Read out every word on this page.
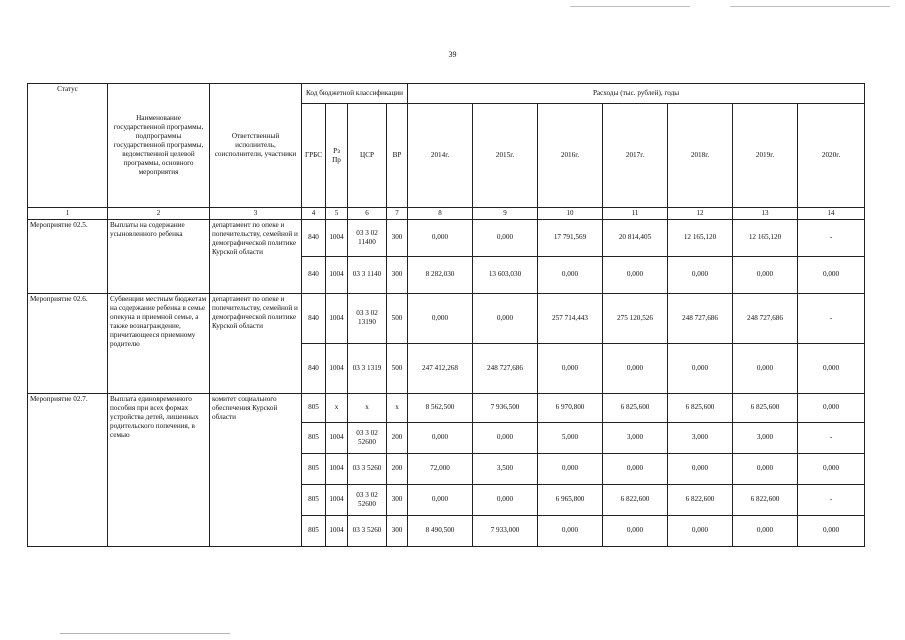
39
Статус	Наименование государственной программы, подпрограммы государственной программы, ведомственной целевой программы, основного мероприятия	Ответственный исполнитель, соисполнители, участники	Код бюджетной классификации				Расходы (тыс. рублей), годы						
			ГРБС	Рз Пр	ЦСР	ВР	2014г.	2015г.	2016г.	2017г.	2018г.	2019г.	2020г.
1	2	3	4	5	6	7	8	9	10	11	12	13	14
Мероприятие 02.5.	Выплаты на содержание усыновленного ребенка	департамент по опеке и попечительству, семейной и демографической политике Курской области	840	1004	03 3 02 11400	300	0,000	0,000	17 791,569	20 814,405	12 165,120	12 165,120	-
			840	1004	03 3 1140	300	8 282,030	13 603,030	0,000	0,000	0,000	0,000	0,000
Мероприятие 02.6.	Субвенции местным бюджетам на содержание ребенка в семье опекуна и приемной семье, а также вознаграждение, причитающееся приемному родителю	департамент по опеке и попечительству, семейной и демографической политике Курской области	840	1004	03 3 02 13190	500	0,000	0,000	257 714,443	275 120,526	248 727,686	248 727,686	-
			840	1004	03 3 1319	500	247 412,268	248 727,686	0,000	0,000	0,000	0,000	0,000
Мероприятие 02.7.	Выплата единовременного пособия при всех формах устройства детей, лишенных родительского попечения, в семью	комитет социального обеспечения Курской области	805	х	х	х	8 562,500	7 936,500	6 970,800	6 825,600	6 825,600	6 825,600	0,000
			805	1004	03 3 02 52600	200	0,000	0,000	5,000	3,000	3,000	3,000	-
			805	1004	03 3 5260	200	72,000	3,500	0,000	0,000	0,000	0,000	0,000
			805	1004	03 3 02 52600	300	0,000	0,000	6 965,800	6 822,600	6 822,600	6 822,600	-
			805	1004	03 3 5260	300	8 490,500	7 933,000	0,000	0,000	0,000	0,000	0,000
